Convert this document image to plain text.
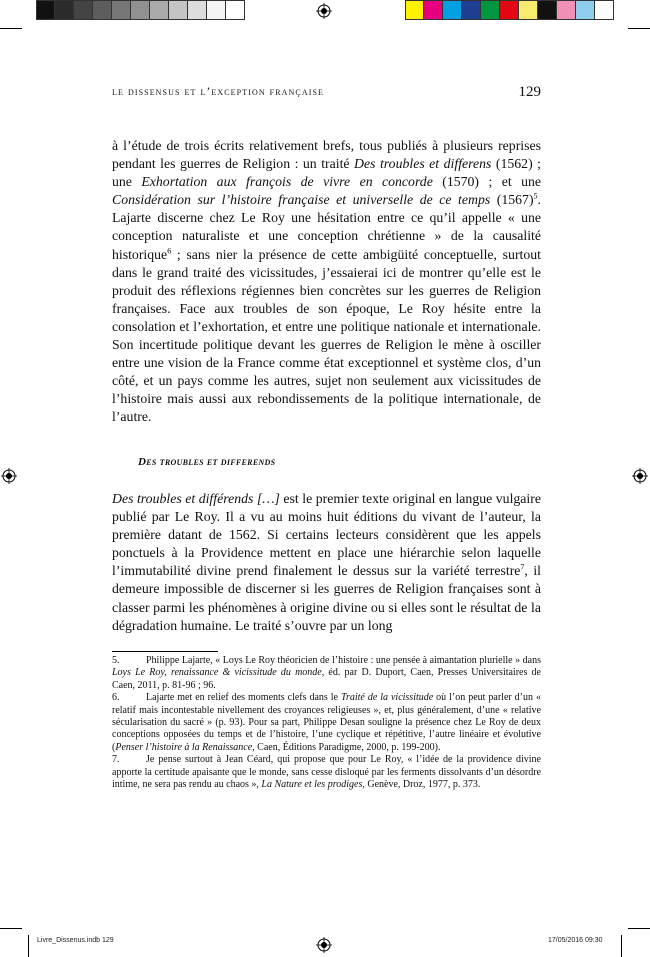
le dissensus et l’exception française	129

à l’étude de trois écrits relativement brefs, tous publiés à plusieurs reprises pendant les guerres de Religion : un traité Des troubles et differens (1562) ; une Exhortation aux françois de vivre en concorde (1570) ; et une Considération sur l’histoire française et universelle de ce temps $(1567)^5$. Lajarte discerne chez Le Roy une hésitation entre ce qu’il appelle « une conception naturaliste et une conception chrétienne » de la causalité historique$^6$ ; sans nier la présence de cette ambigüité conceptuelle, surtout dans le grand traité des vicissitudes, j’essaierai ici de montrer qu’elle est le produit des réflexions régiennes bien concrètes sur les guerres de Religion françaises. Face aux troubles de son époque, Le Roy hésite entre la consolation et l’exhortation, et entre une politique nationale et internationale. Son incertitude politique devant les guerres de Religion le mène à osciller entre une vision de la France comme état exceptionnel et système clos, d’un côté, et un pays comme les autres, sujet non seulement aux vicissitudes de l’histoire mais aussi aux rebondissements de la politique internationale, de l’autre.

Des troubles et differends

Des troubles et différends […] est le premier texte original en langue vulgaire publié par Le Roy. Il a vu au moins huit éditions du vivant de l’auteur, la première datant de 1562. Si certains lecteurs considèrent que les appels ponctuels à la Providence mettent en place une hiérarchie selon laquelle l’immutabilité divine prend finalement le dessus sur la variété terrestre$^7$, il demeure impossible de discerner si les guerres de Religion françaises sont à classer parmi les phénomènes à origine divine ou si elles sont le résultat de la dégradation humaine. Le traité s’ouvre par un long

5.	Philippe Lajarte, « Loys Le Roy théoricien de l’histoire : une pensée à aimantation plurielle » dans Loys Le Roy, renaissance & vicissitude du monde, éd. par D. Duport, Caen, Presses Universitaires de Caen, 2011, p. 81-96 ; 96.

6.	Lajarte met en relief des moments clefs dans le Traité de la vicissitude où l’on peut parler d’un « relatif mais incontestable nivellement des croyances religieuses », et, plus généralement, d’une « relative sécularisation du sacré » (p. 93). Pour sa part, Philippe Desan souligne la présence chez Le Roy de deux conceptions opposées du temps et de l’histoire, l’une cyclique et répétitive, l’autre linéaire et évolutive (Penser l’histoire à la Renaissance, Caen, Éditions Paradigme, 2000, p. 199-200).

7.	Je pense surtout à Jean Céard, qui propose que pour Le Roy, « l’idée de la providence divine apporte la certitude apaisante que le monde, sans cesse disloqué par les ferments dissolvants d’un désordre intime, ne sera pas rendu au chaos », La Nature et les prodiges, Genève, Droz, 1977, p. 373.

Livre_Dissenus.indb 129	17/05/2016 09:30
